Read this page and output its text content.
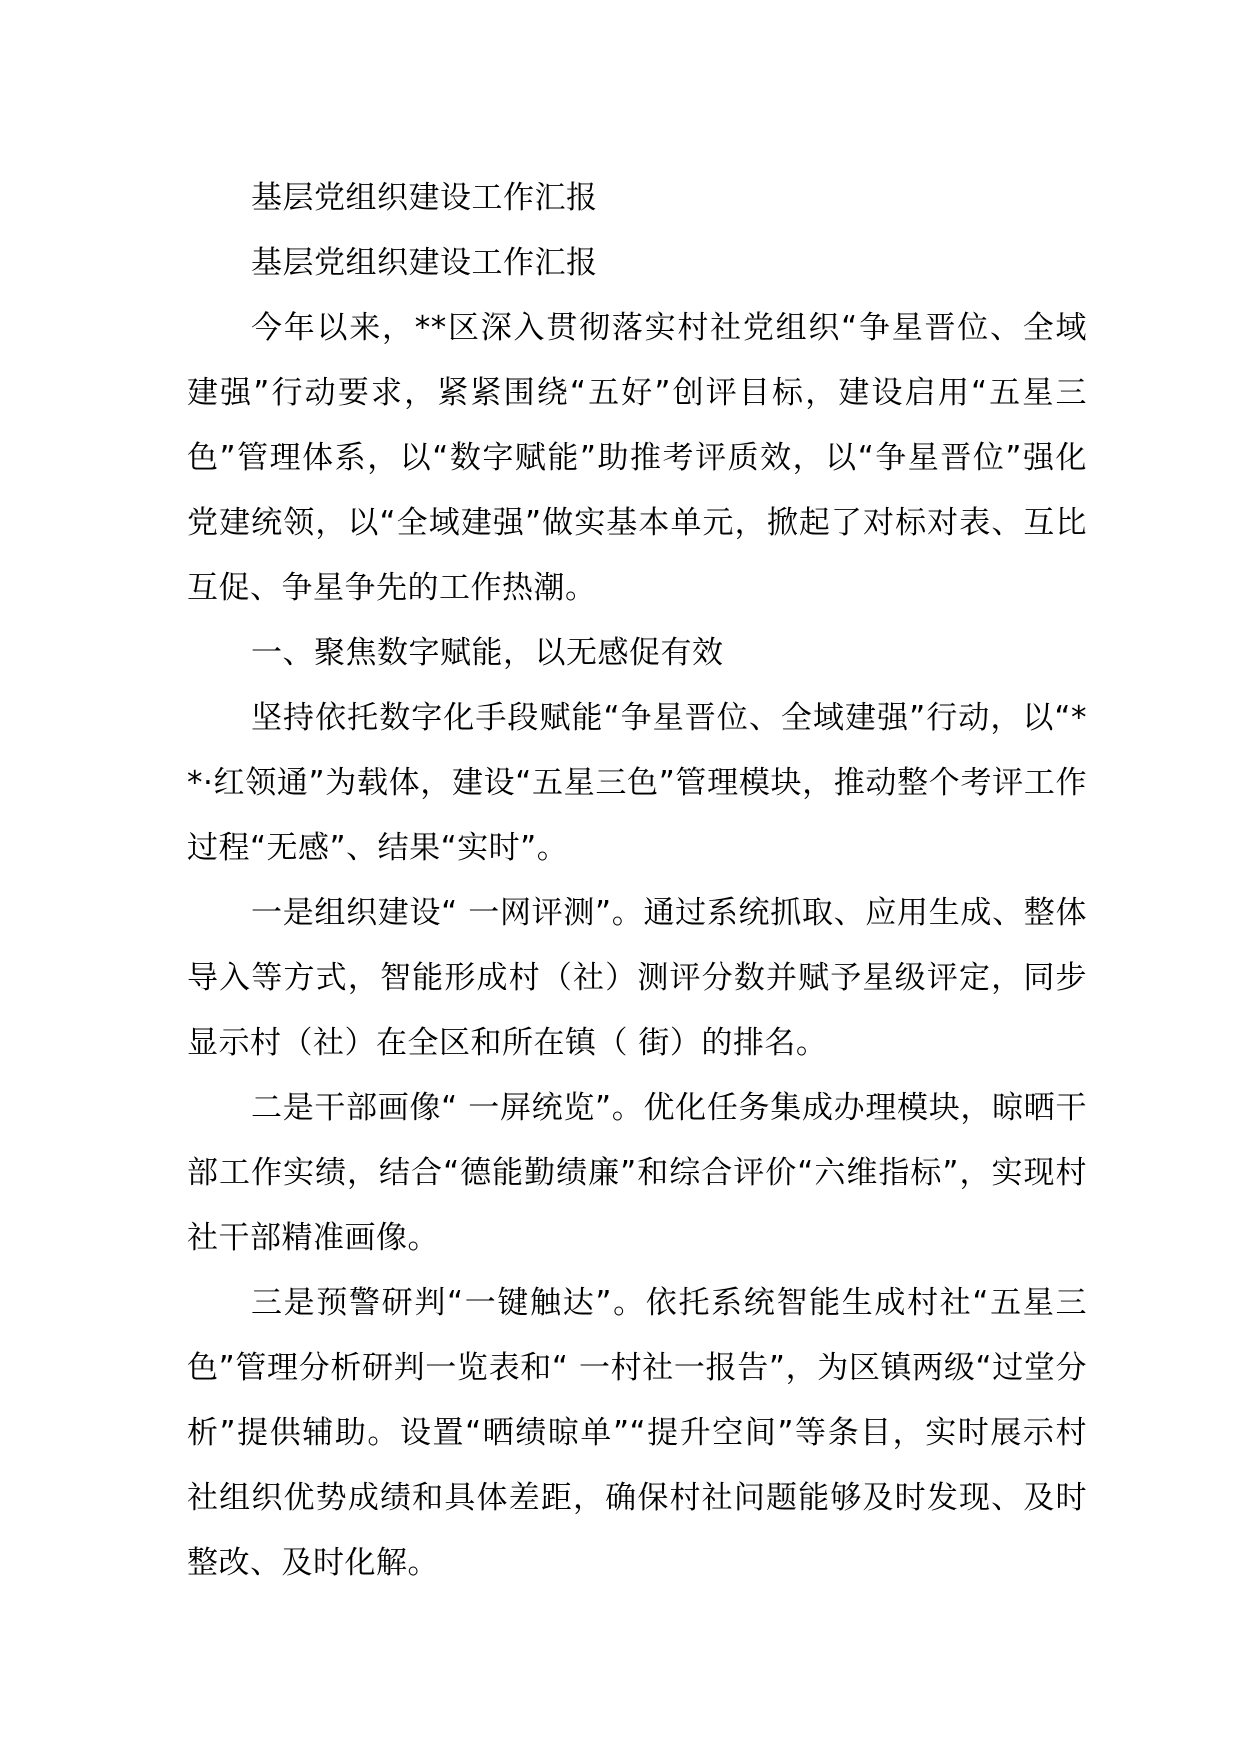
基层党组织建设工作汇报

基层党组织建设工作汇报

今年以来，**区深入贯彻落实村社党组织“争星晋位、全域建强”行动要求，紧紧围绕“五好”创评目标，建设启用“五星三色”管理体系，以“数字赋能”助推考评质效，以“争星晋位”强化党建统领，以“全域建强”做实基本单元，掀起了对标对表、互比互促、争星争先的工作热潮。

一、聚焦数字赋能，以无感促有效

坚持依托数字化手段赋能“争星晋位、全域建强”行动，以“**·红领通”为载体，建设“五星三色”管理模块，推动整个考评工作过程“无感”、结果“实时”。

一是组织建设“ 一网评测”。通过系统抓取、应用生成、整体导入等方式，智能形成村（社）测评分数并赋予星级评定，同步显示村（社）在全区和所在镇（ 街）的排名。

二是干部画像“ 一屏统览”。优化任务集成办理模块，晾晒干部工作实绩，结合“德能勤绩廉”和综合评价“六维指标”，实现村社干部精准画像。

三是预警研判“一键触达”。依托系统智能生成村社“五星三色”管理分析研判一览表和“ 一村社一报告”，为区镇两级“过堂分析”提供辅助。设置“晒绩晾单”“提升空间”等条目，实时展示村社组织优势成绩和具体差距，确保村社问题能够及时发现、及时整改、及时化解。
